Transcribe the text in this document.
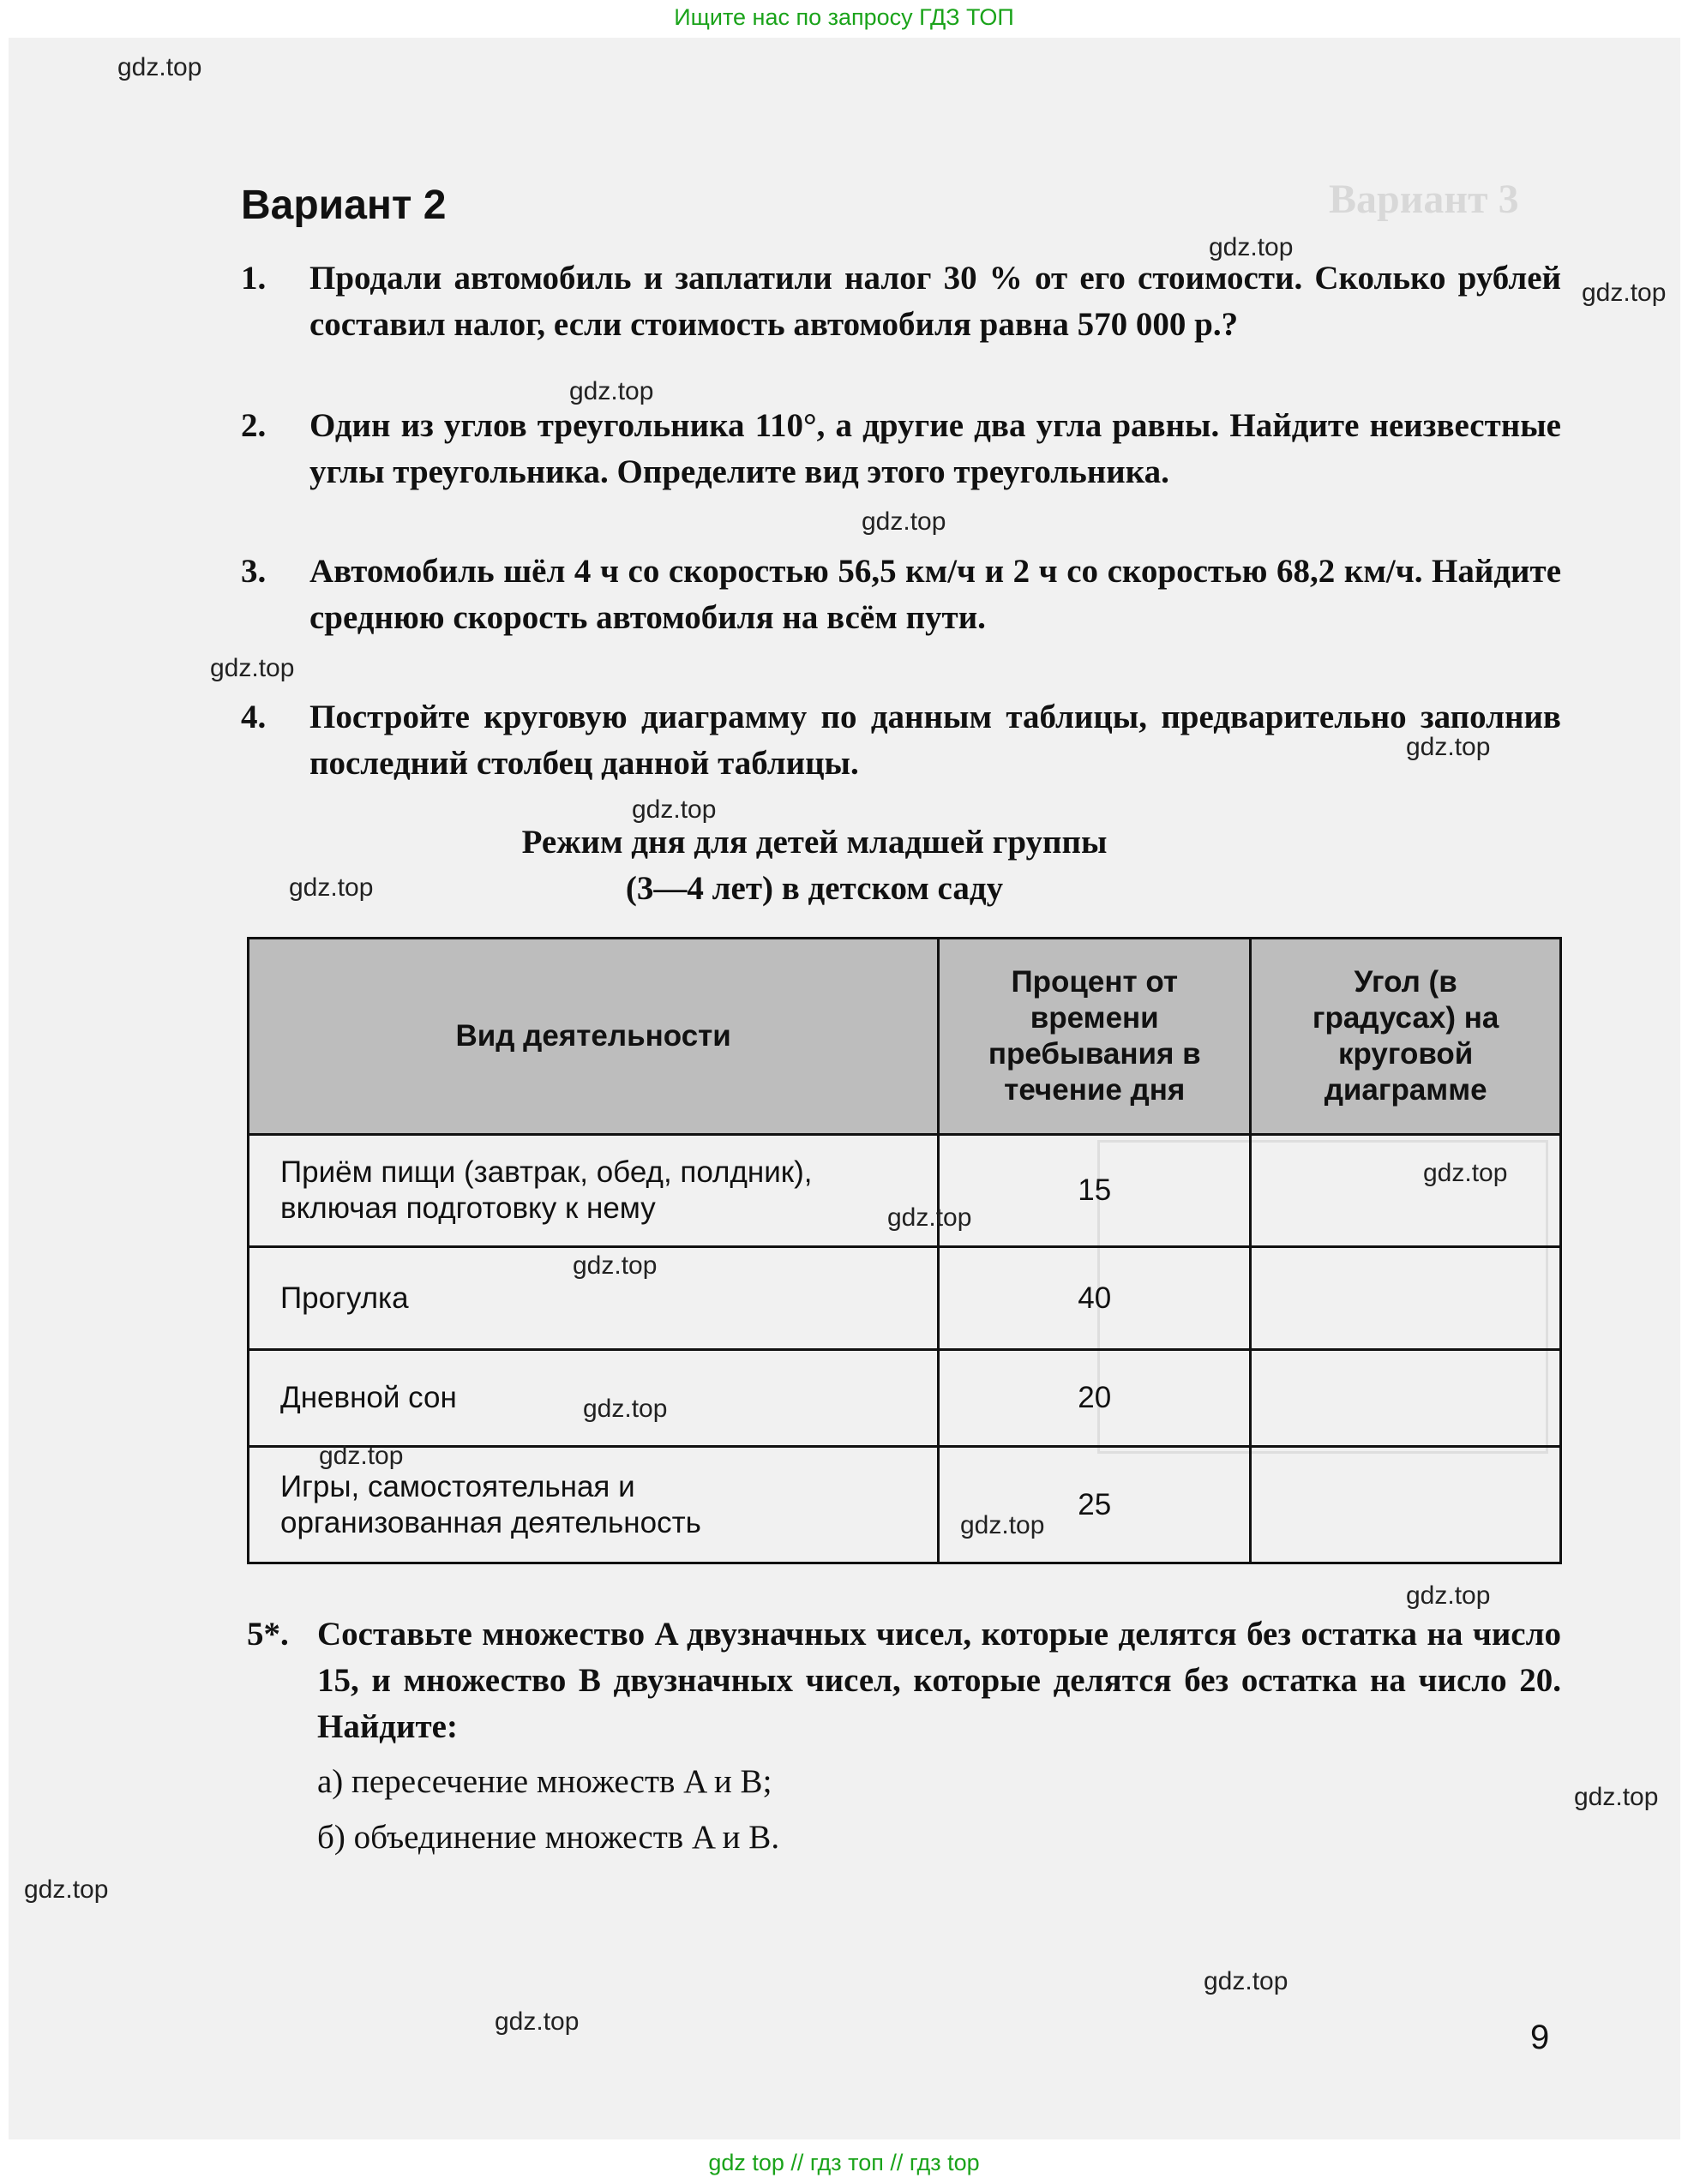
Ищите нас по запросу ГДЗ ТОП
Вариант 3
Вариант 2
1. Продали автомобиль и заплатили налог 30 % от его стоимости. Сколько рублей составил налог, если стоимость автомобиля равна 570 000 р.?
2. Один из углов треугольника 110°, а другие два угла равны. Найдите неизвестные углы треугольника. Определите вид этого треугольника.
3. Автомобиль шёл 4 ч со скоростью 56,5 км/ч и 2 ч со скоростью 68,2 км/ч. Найдите среднюю скорость автомобиля на всём пути.
4. Постройте круговую диаграмму по данным таблицы, предварительно заполнив последний столбец данной таблицы.
Режим дня для детей младшей группы
(3—4 лет) в детском саду
Вид деятельности	Процент от времени пребывания в течение дня	Угол (в градусах) на круговой диаграмме

Приём пищи (завтрак, обед, полдник), включая подготовку к нему	15	
Прогулка	40	
Дневной сон	20	

Игры, самостоятельная и организованная деятельность	25	
5*. Составьте множество A двузначных чисел, которые делятся без остатка на число 15, и множество B двузначных чисел, которые делятся без остатка на число 20. Найдите:
а) пересечение множеств A и B;
б) объединение множеств A и B.
9
gdz.top
gdz.top
gdz.top
gdz.top
gdz.top
gdz.top
gdz.top
gdz.top
gdz.top
gdz.top
gdz.top
gdz.top
gdz.top
gdz.top
gdz.top
gdz.top
gdz.top
gdz.top
gdz.top
gdz.top
gdz top // гдз топ // гдз top
